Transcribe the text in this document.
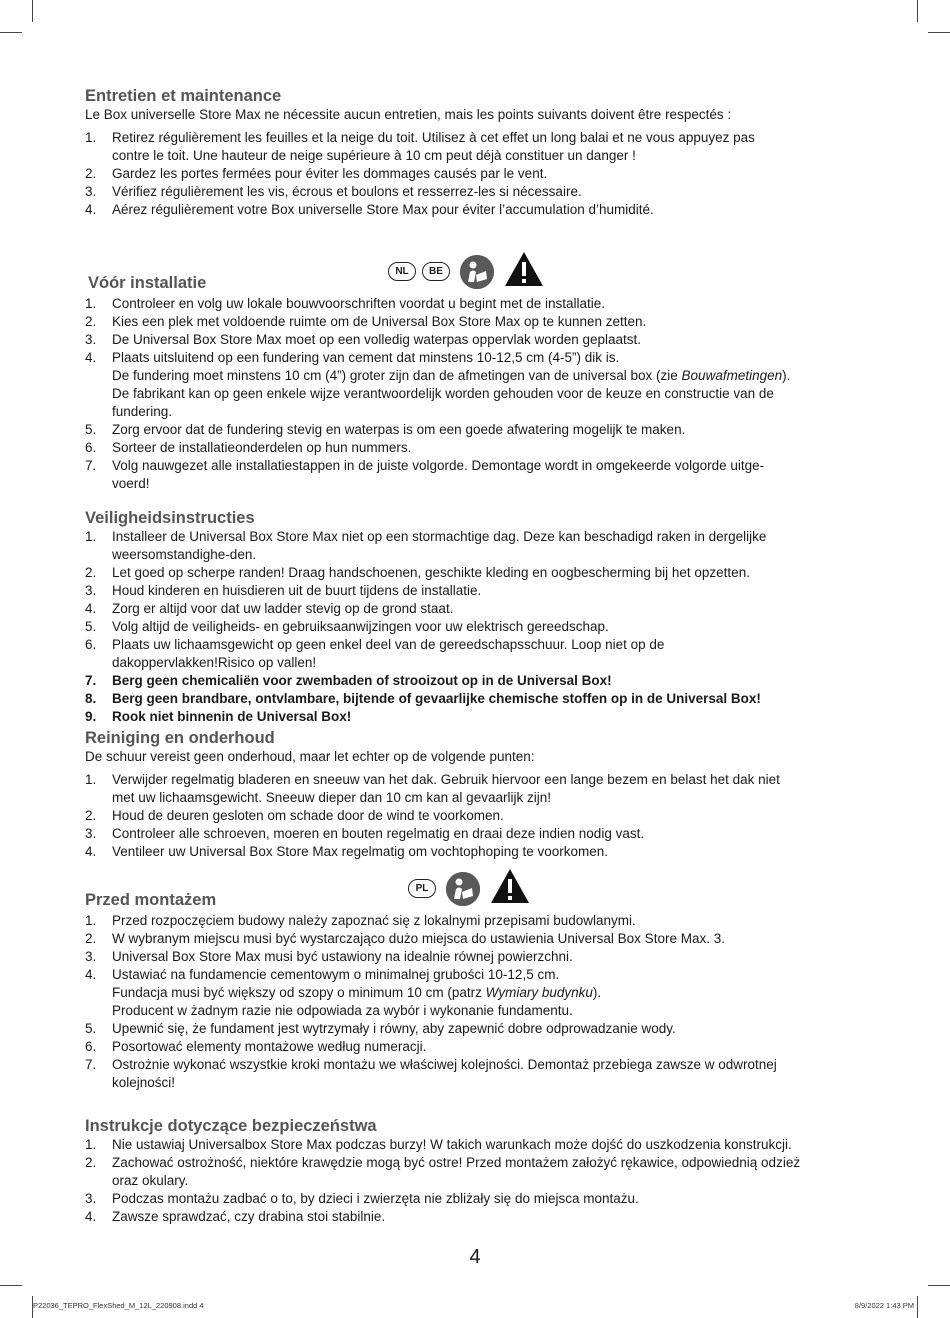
Entretien et maintenance

Le Box universelle Store Max ne nécessite aucun entretien, mais les points suivants doivent être respectés :

1. Retirez régulièrement les feuilles et la neige du toit. Utilisez à cet effet un long balai et ne vous appuyez pas
contre le toit. Une hauteur de neige supérieure à 10 cm peut déjà constituer un danger !
2. Gardez les portes fermées pour éviter les dommages causés par le vent.
3. Vérifiez régulièrement les vis, écrous et boulons et resserrez-les si nécessaire.
4. Aérez régulièrement votre Box universelle Store Max pour éviter l’accumulation d’humidité.
NL	BE
Vóór installatie
1. Controleer en volg uw lokale bouwvoorschriften voordat u begint met de installatie.
2. Kies een plek met voldoende ruimte om de Universal Box Store Max op te kunnen zetten.
3. De Universal Box Store Max moet op een volledig waterpas oppervlak worden geplaatst.
4. Plaats uitsluitend op een fundering van cement dat minstens 10-12,5 cm (4-5”) dik is.
De fundering moet minstens 10 cm (4”) groter zijn dan de afmetingen van de universal box (zie Bouwafmetingen).
De fabrikant kan op geen enkele wijze verantwoordelijk worden gehouden voor de keuze en constructie van de
fundering.
5. Zorg ervoor dat de fundering stevig en waterpas is om een goede afwatering mogelijk te maken.
6. Sorteer de installatieonderdelen op hun nummers.
7. Volg nauwgezet alle installatiestappen in de juiste volgorde. Demontage wordt in omgekeerde volgorde uitge-
voerd!
Veiligheidsinstructies
1. Installeer de Universal Box Store Max niet op een stormachtige dag. Deze kan beschadigd raken in dergelijke
weersomstandighe-den.
2. Let goed op scherpe randen! Draag handschoenen, geschikte kleding en oogbescherming bij het opzetten.
3. Houd kinderen en huisdieren uit de buurt tijdens de installatie.
4. Zorg er altijd voor dat uw ladder stevig op de grond staat.
5. Volg altijd de veiligheids- en gebruiksaanwijzingen voor uw elektrisch gereedschap.
6. Plaats uw lichaamsgewicht op geen enkel deel van de gereedschapsschuur. Loop niet op de
dakoppervlakken!Risico op vallen!
7. Berg geen chemicaliën voor zwembaden of strooizout op in de Universal Box!
8. Berg geen brandbare, ontvlambare, bijtende of gevaarlijke chemische stoffen op in de Universal Box!
9. Rook niet binnenin de Universal Box!
Reiniging en onderhoud

De schuur vereist geen onderhoud, maar let echter op de volgende punten:

1. Verwijder regelmatig bladeren en sneeuw van het dak. Gebruik hiervoor een lange bezem en belast het dak niet
met uw lichaamsgewicht. Sneeuw dieper dan 10 cm kan al gevaarlijk zijn!
2. Houd de deuren gesloten om schade door de wind te voorkomen.
3. Controleer alle schroeven, moeren en bouten regelmatig en draai deze indien nodig vast.
4. Ventileer uw Universal Box Store Max regelmatig om vochtophoping te voorkomen.
PL
Przed montażem
1. Przed rozpoczęciem budowy należy zapoznać się z lokalnymi przepisami budowlanymi.
2. W wybranym miejscu musi być wystarczająco dużo miejsca do ustawienia Universal Box Store Max. 3.
3. Universal Box Store Max musi być ustawiony na idealnie równej powierzchni.
4. Ustawiać na fundamencie cementowym o minimalnej grubości 10-12,5 cm.
Fundacja musi być większy od szopy o minimum 10 cm (patrz Wymiary budynku).
Producent w żadnym razie nie odpowiada za wybór i wykonanie fundamentu.
5. Upewnić się, że fundament jest wytrzymały i równy, aby zapewnić dobre odprowadzanie wody.
6. Posortować elementy montażowe według numeracji.
7. Ostrożnie wykonać wszystkie kroki montażu we właściwej kolejności. Demontaż przebiega zawsze w odwrotnej
kolejności!
Instrukcje dotyczące bezpieczeństwa
1. Nie ustawiaj Universalbox Store Max podczas burzy! W takich warunkach może dojść do uszkodzenia konstrukcji.
2. Zachować ostrożność, niektóre krawędzie mogą być ostre! Przed montażem założyć rękawice, odpowiednią odzież
oraz okulary.
3. Podczas montażu zadbać o to, by dzieci i zwierzęta nie zbliżały się do miejsca montażu.
4. Zawsze sprawdzać, czy drabina stoi stabilnie.
4
P22036_TEPRO_FlexShed_M_12L_220908.indd 4	8/9/2022 1:43 PM
